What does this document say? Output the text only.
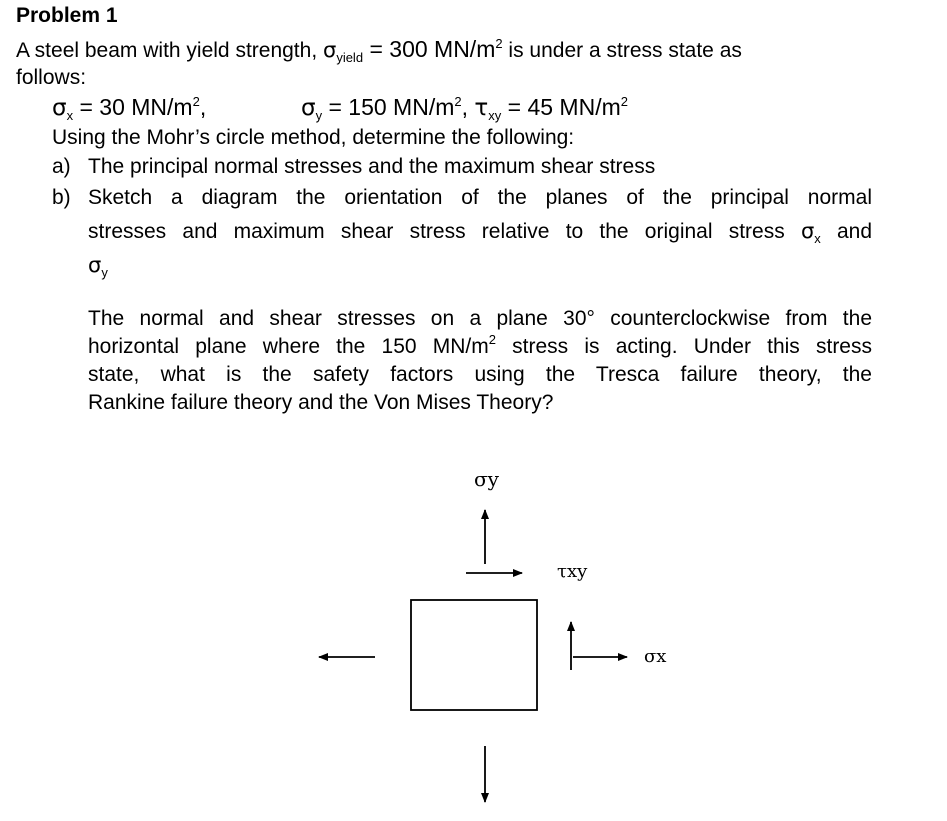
Problem 1
A steel beam with yield strength, $\sigma_{yield} = 300$ $MN/m^2$ is under a stress state as
follows:
$\sigma_x = 30$ $MN/m^2$,	$\sigma_y = 150$ $MN/m^2$, $\tau_{xy} = 45$ $MN/m^2$
Using the Mohr’s circle method, determine the following:
a) The principal normal stresses and the maximum shear stress
b) Sketch a diagram the orientation of the planes of the principal normal
stresses and maximum shear stress relative to the original stress $\sigma_x$ and
$\sigma_y$
The normal and shear stresses on a plane 30° counterclockwise from the
horizontal plane where the 150 $MN/m^2$ stress is acting. Under this stress
state, what is the safety factors using the Tresca failure theory, the
Rankine failure theory and the Von Mises Theory?
σy
τxy
σx
